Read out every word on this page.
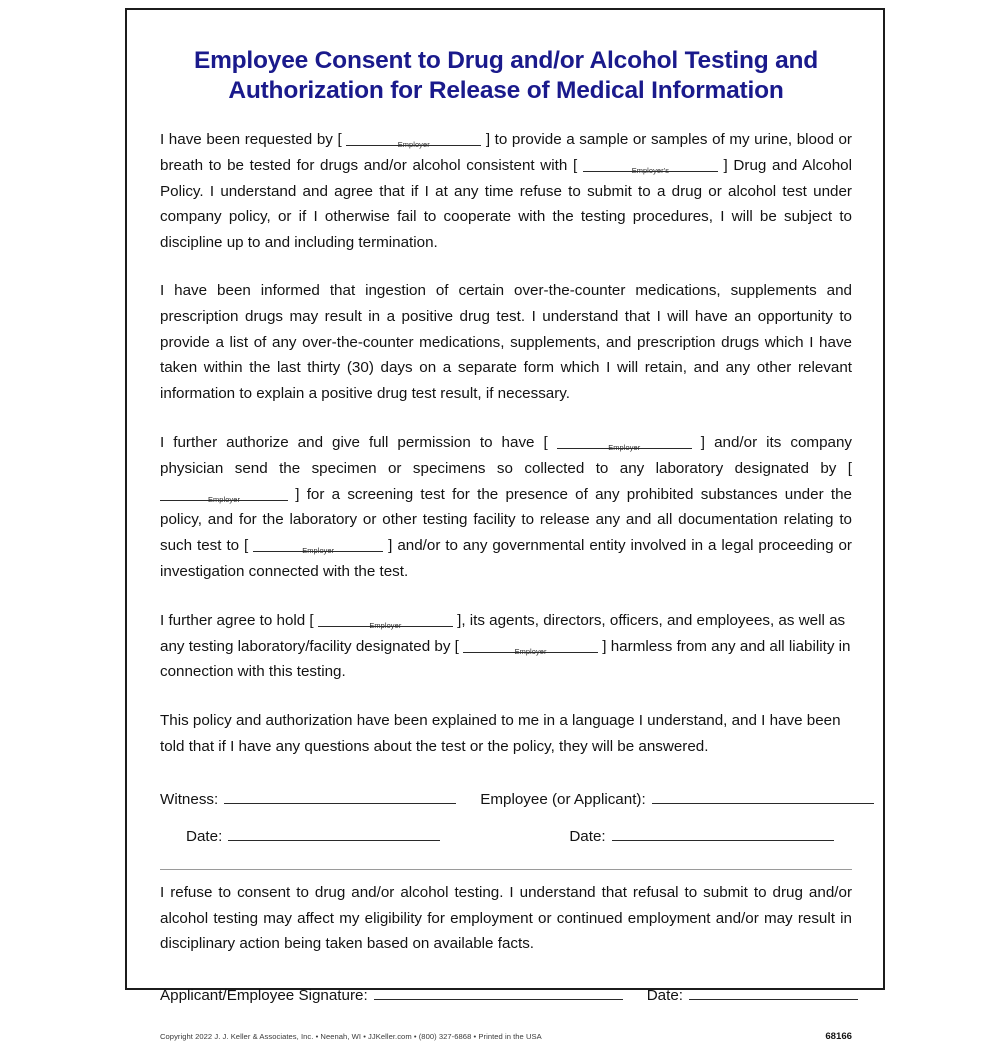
Employee Consent to Drug and/or Alcohol Testing and
Authorization for Release of Medical Information

I have been requested by [	Employer	] to provide a sample or samples of my urine, blood or breath to be tested for drugs and/or alcohol consistent with [	Employer's	] Drug and Alcohol Policy. I understand and agree that if I at any time refuse to submit to a drug or alcohol test under company policy, or if I otherwise fail to cooperate with the testing procedures, I will be subject to discipline up to and including termination.

I have been informed that ingestion of certain over-the-counter medications, supplements and prescription drugs may result in a positive drug test. I understand that I will have an opportunity to provide a list of any over-the-counter medications, supplements, and prescription drugs which I have taken within the last thirty (30) days on a separate form which I will retain, and any other relevant information to explain a positive drug test result, if necessary.

I further authorize and give full permission to have [	Employer	] and/or its company physician send the specimen or specimens so collected to any laboratory designated by [
Employer	] for a screening test for the presence of any prohibited substances under the policy, and for the laboratory or other testing facility to release any and all documentation relating to such test to [	Employer	] and/or to any governmental entity involved in a legal proceeding or investigation connected with the test.

I further agree to hold [	Employer	], its agents, directors, officers, and employees, as well as any testing laboratory/facility designated by [	Employer	] harmless from any and all liability in connection with this testing.

This policy and authorization have been explained to me in a language I understand, and I have been told that if I have any questions about the test or the policy, they will be answered.

Witness:	Employee (or Applicant):
Date:	Date:

I refuse to consent to drug and/or alcohol testing. I understand that refusal to submit to drug and/or alcohol testing may affect my eligibility for employment or continued employment and/or may result in disciplinary action being taken based on available facts.

Applicant/Employee Signature:	Date:
Copyright 2022 J. J. Keller & Associates, Inc. • Neenah, WI • JJKeller.com • (800) 327-6868 • Printed in the USA	68166
